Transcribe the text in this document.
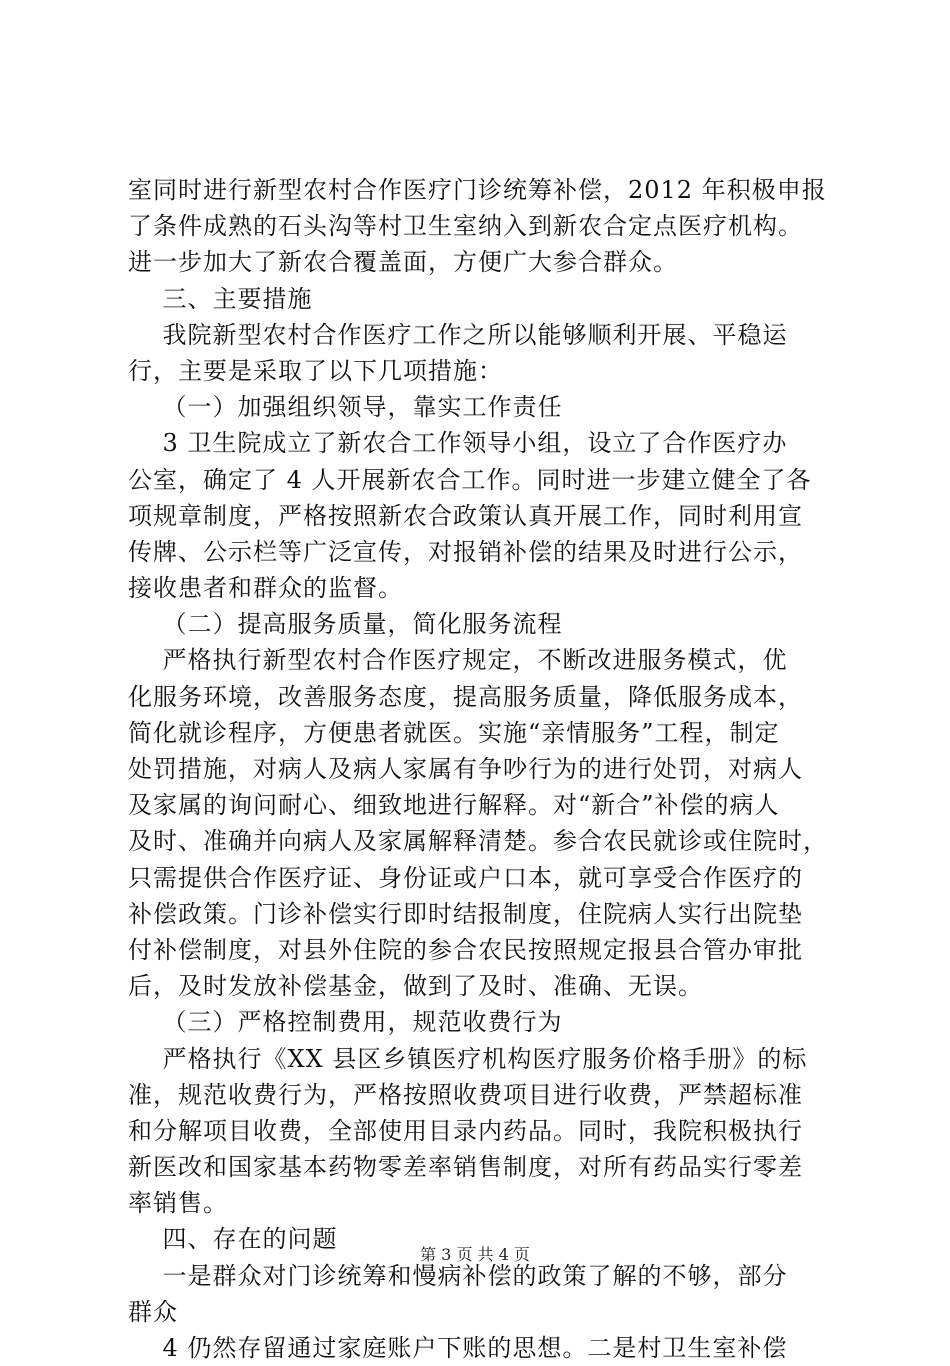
室同时进行新型农村合作医疗门诊统筹补偿，2012 年积极申报
了条件成熟的石头沟等村卫生室纳入到新农合定点医疗机构。
进一步加大了新农合覆盖面，方便广大参合群众。
三、主要措施
我院新型农村合作医疗工作之所以能够顺利开展、平稳运
行，主要是采取了以下几项措施：
（一）加强组织领导，靠实工作责任
3 卫生院成立了新农合工作领导小组，设立了合作医疗办
公室，确定了 4 人开展新农合工作。同时进一步建立健全了各
项规章制度，严格按照新农合政策认真开展工作，同时利用宣
传牌、公示栏等广泛宣传，对报销补偿的结果及时进行公示，
接收患者和群众的监督。
（二）提高服务质量，简化服务流程
严格执行新型农村合作医疗规定，不断改进服务模式，优
化服务环境，改善服务态度，提高服务质量，降低服务成本，
简化就诊程序，方便患者就医。实施“亲情服务”工程，制定
处罚措施，对病人及病人家属有争吵行为的进行处罚，对病人
及家属的询问耐心、细致地进行解释。对“新合”补偿的病人
及时、准确并向病人及家属解释清楚。参合农民就诊或住院时，
只需提供合作医疗证、身份证或户口本，就可享受合作医疗的
补偿政策。门诊补偿实行即时结报制度，住院病人实行出院垫
付补偿制度，对县外住院的参合农民按照规定报县合管办审批
后，及时发放补偿基金，做到了及时、准确、无误。
（三）严格控制费用，规范收费行为
严格执行《XX 县区乡镇医疗机构医疗服务价格手册》的标
准，规范收费行为，严格按照收费项目进行收费，严禁超标准
和分解项目收费，全部使用目录内药品。同时，我院积极执行
新医改和国家基本药物零差率销售制度，对所有药品实行零差
率销售。
四、存在的问题
一是群众对门诊统筹和慢病补偿的政策了解的不够，部分
群众
4 仍然存留通过家庭账户下账的思想。二是村卫生室补偿
第 3 页 共 4 页
